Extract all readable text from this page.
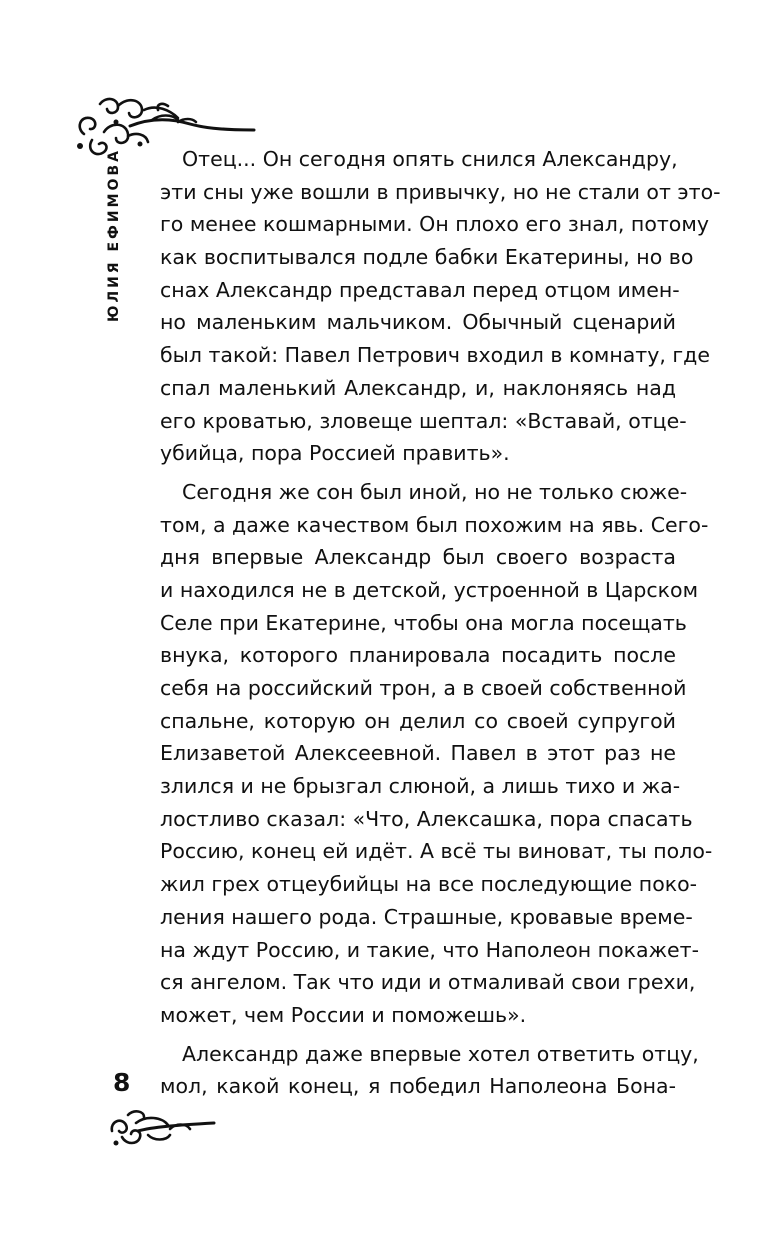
ЮЛИЯ ЕФИМОВА	Отец... Он сегодня опять снился Александру,
эти сны уже вошли в привычку, но не стали от это-
го менее кошмарными. Он плохо его знал, потому
как воспитывался подле бабки Екатерины, но во
снах Александр представал перед отцом имен-
но маленьким мальчиком. Обычный сценарий
был такой: Павел Петрович входил в комнату, где
спал маленький Александр, и, наклоняясь над
его кроватью, зловеще шептал: «Вставай, отце-
убийца, пора Россией править».

Сегодня же сон был иной, но не только сюже-
том, а даже качеством был похожим на явь. Сего-
дня впервые Александр был своего возраста
и находился не в детской, устроенной в Царском
Селе при Екатерине, чтобы она могла посещать
внука, которого планировала посадить после
себя на российский трон, а в своей собственной
спальне, которую он делил со своей супругой
Елизаветой Алексеевной. Павел в этот раз не
злился и не брызгал слюной, а лишь тихо и жа-
лостливо сказал: «Что, Алексашка, пора спасать
Россию, конец ей идёт. А всё ты виноват, ты поло-
жил грех отцеубийцы на все последующие поко-
ления нашего рода. Страшные, кровавые време-
на ждут Россию, и такие, что Наполеон покажет-
ся ангелом. Так что иди и отмаливай свои грехи,
может, чем России и поможешь».

Александр даже впервые хотел ответить отцу,
мол, какой конец, я победил Наполеона Бона-

8
